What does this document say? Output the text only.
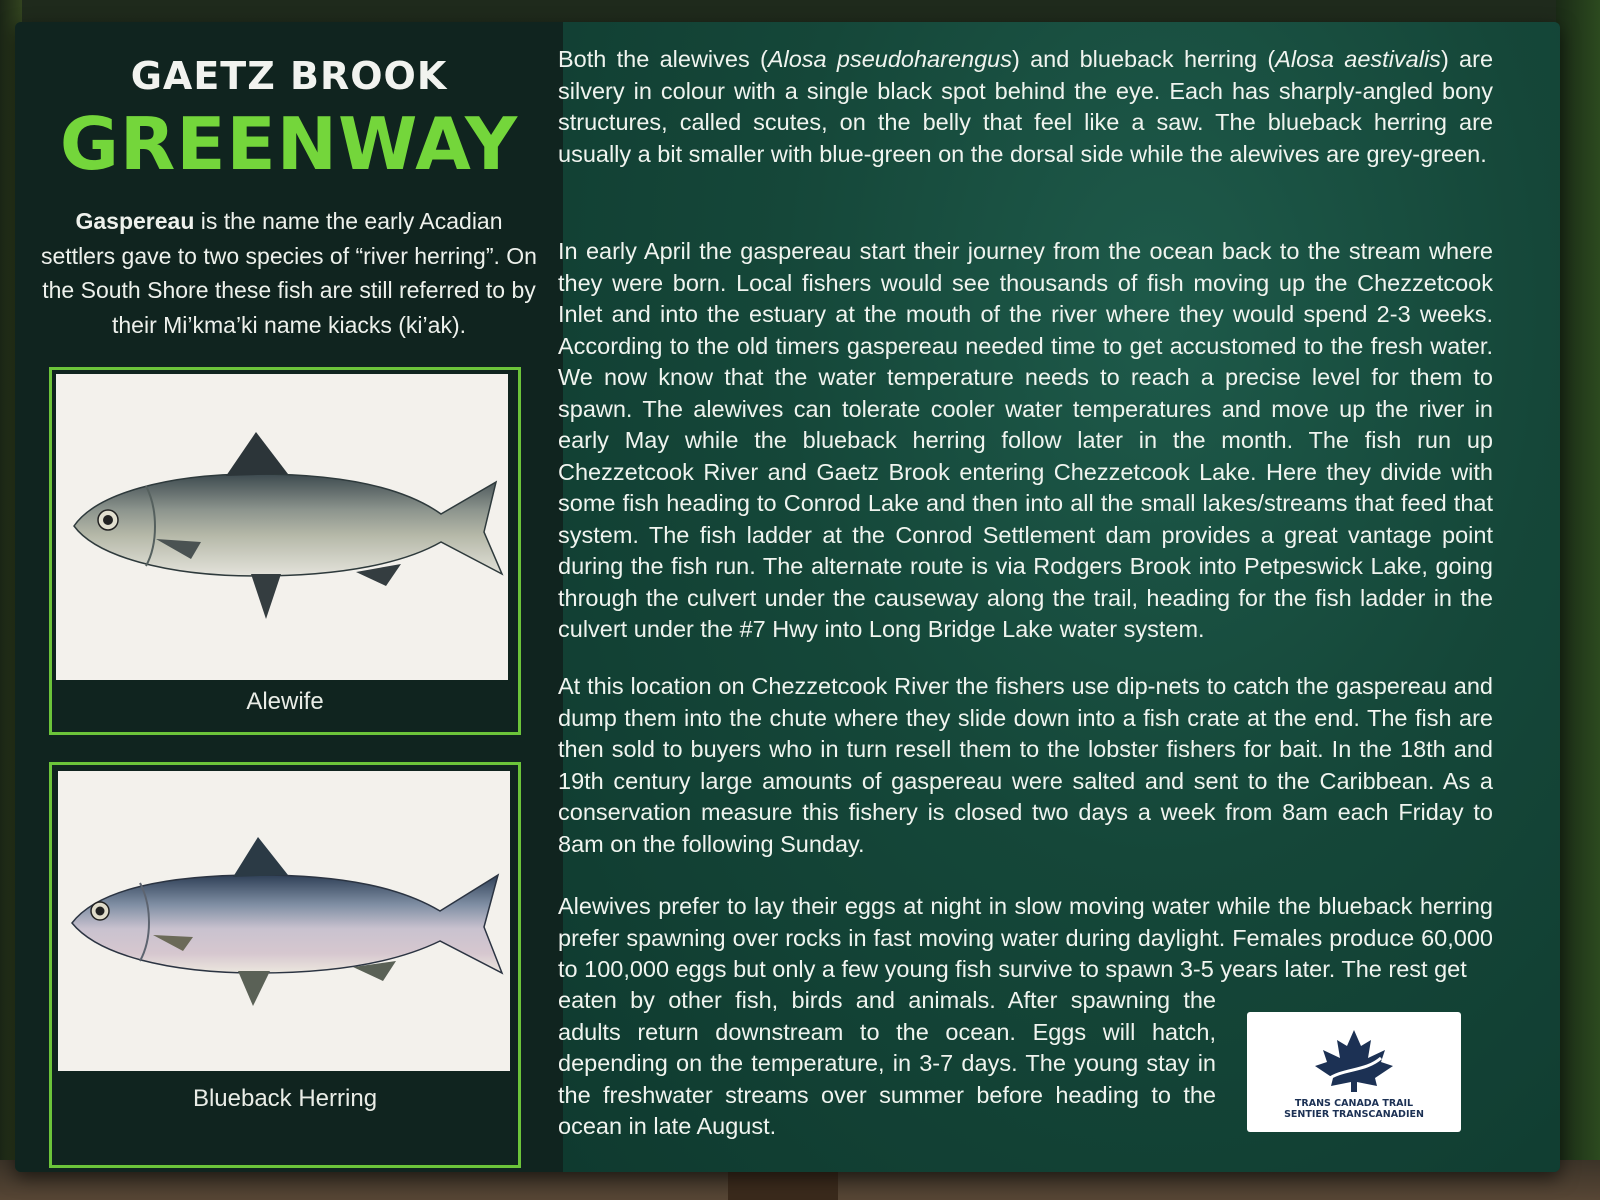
GAETZ BROOK
GREENWAY
Gaspereau is the name the early Acadian settlers gave to two species of “river herring”. On the South Shore these fish are still referred to by their Mi’kma’ki name kiacks (ki’ak).
Alewife
Blueback Herring

Both the alewives (Alosa pseudoharengus) and blueback herring (Alosa aestivalis) are silvery in colour with a single black spot behind the eye. Each has sharply-angled bony structures, called scutes, on the belly that feel like a saw. The blueback herring are usually a bit smaller with blue-green on the dorsal side while the alewives are grey-green.

In early April the gaspereau start their journey from the ocean back to the stream where they were born. Local fishers would see thousands of fish moving up the Chezzetcook Inlet and into the estuary at the mouth of the river where they would spend 2-3 weeks. According to the old timers gaspereau needed time to get accustomed to the fresh water. We now know that the water temperature needs to reach a precise level for them to spawn. The alewives can tolerate cooler water temperatures and move up the river in early May while the blueback herring follow later in the month. The fish run up Chezzetcook River and Gaetz Brook entering Chezzetcook Lake. Here they divide with some fish heading to Conrod Lake and then into all the small lakes/streams that feed that system. The fish ladder at the Conrod Settlement dam provides a great vantage point during the fish run. The alternate route is via Rodgers Brook into Petpeswick Lake, going through the culvert under the causeway along the trail, heading for the fish ladder in the culvert under the #7 Hwy into Long Bridge Lake water system.

At this location on Chezzetcook River the fishers use dip-nets to catch the gaspereau and dump them into the chute where they slide down into a fish crate at the end. The fish are then sold to buyers who in turn resell them to the lobster fishers for bait. In the 18th and 19th century large amounts of gaspereau were salted and sent to the Caribbean. As a conservation measure this fishery is closed two days a week from 8am each Friday to 8am on the following Sunday.

Alewives prefer to lay their eggs at night in slow moving water while the blueback herring prefer spawning over rocks in fast moving water during daylight. Females produce 60,000 to 100,000 eggs but only a few young fish survive to spawn 3-5 years later. The rest get

eaten by other fish, birds and animals. After spawning the adults return downstream to the ocean. Eggs will hatch, depending on the temperature, in 3-7 days. The young stay in the freshwater streams over summer before heading to the ocean in late August.

TRANS CANADA TRAIL
SENTIER TRANSCANADIEN
